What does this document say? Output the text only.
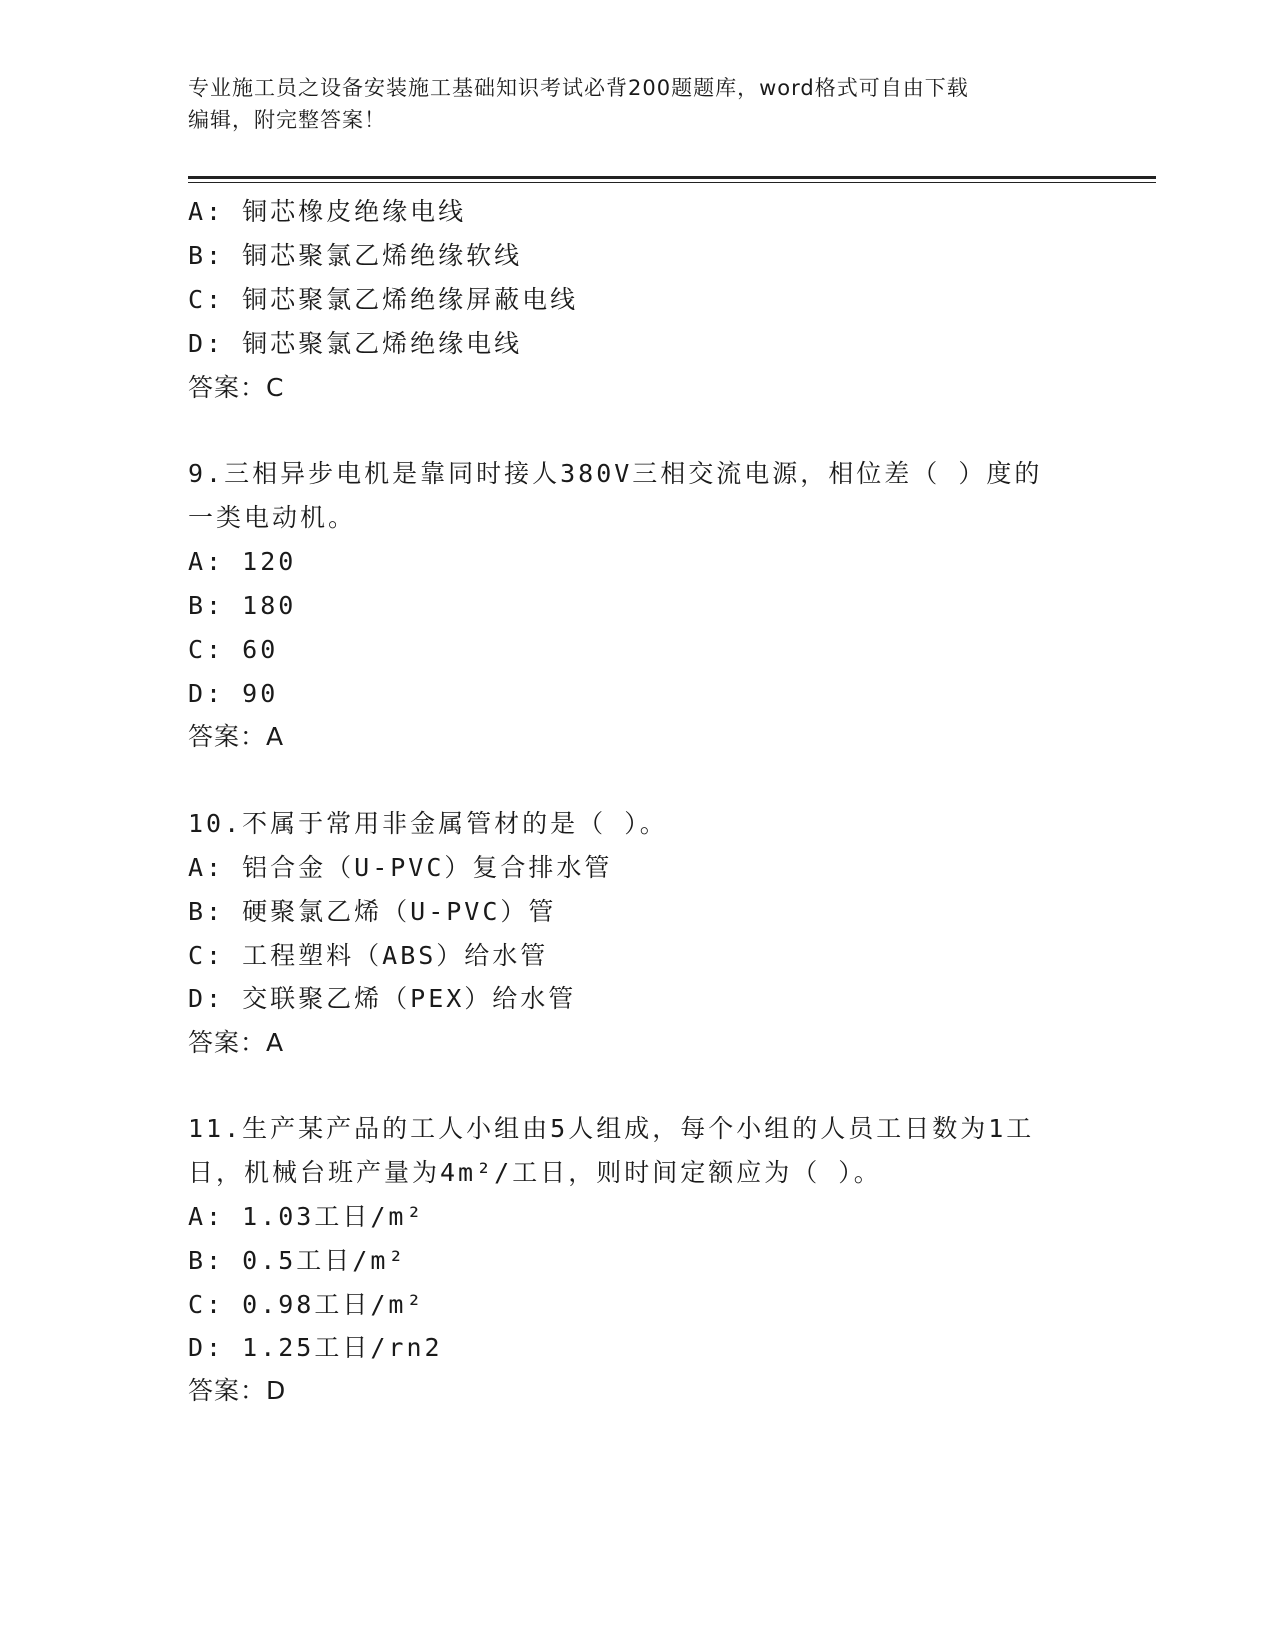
专业施工员之设备安装施工基础知识考试必背200题题库，word格式可自由下载
编辑，附完整答案！
A: 铜芯橡皮绝缘电线
B: 铜芯聚氯乙烯绝缘软线
C: 铜芯聚氯乙烯绝缘屏蔽电线
D: 铜芯聚氯乙烯绝缘电线
答案：C
9.三相异步电机是靠同时接人380V三相交流电源，相位差（ ）度的
一类电动机。
A: 120
B: 180
C: 60
D: 90
答案：A
10.不属于常用非金属管材的是（ ）。
A: 铝合金（U-PVC）复合排水管
B: 硬聚氯乙烯（U-PVC）管
C: 工程塑料（ABS）给水管
D: 交联聚乙烯（PEX）给水管
答案：A
11.生产某产品的工人小组由5人组成，每个小组的人员工日数为1工
日，机械台班产量为4m²/工日，则时间定额应为（ ）。
A: 1.03工日/m²
B: 0.5工日/m²
C: 0.98工日/m²
D: 1.25工日/rn2
答案：D
